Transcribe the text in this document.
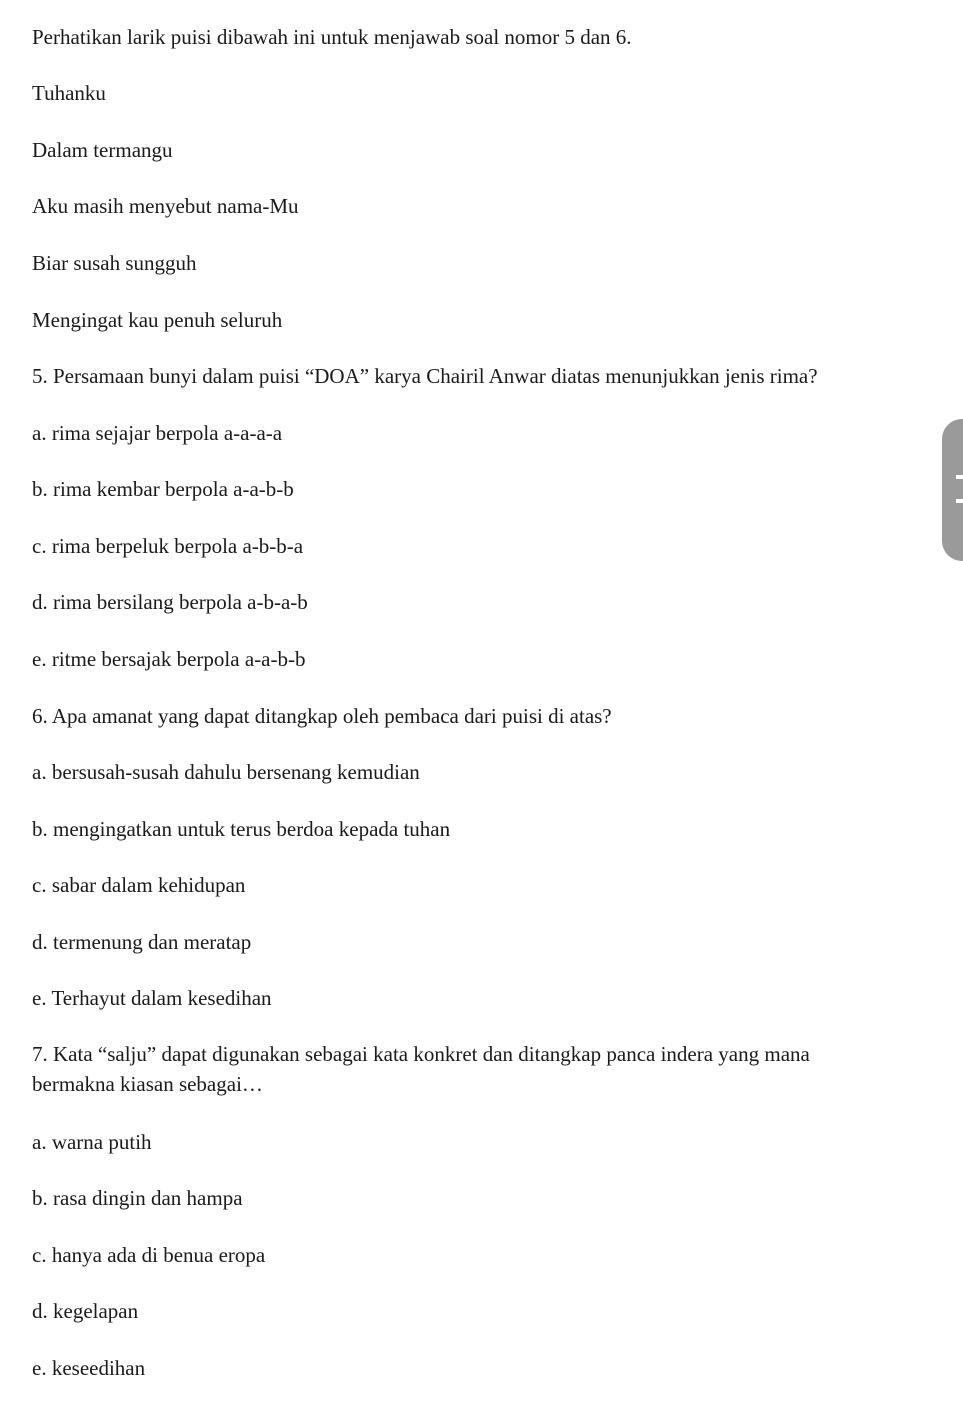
Perhatikan larik puisi dibawah ini untuk menjawab soal nomor 5 dan 6.
Tuhanku
Dalam termangu
Aku masih menyebut nama-Mu
Biar susah sungguh
Mengingat kau penuh seluruh
5. Persamaan bunyi dalam puisi “DOA” karya Chairil Anwar diatas menunjukkan jenis rima?
a. rima sejajar berpola a-a-a-a
b. rima kembar berpola a-a-b-b
c. rima berpeluk berpola a-b-b-a
d. rima bersilang berpola a-b-a-b
e. ritme bersajak berpola a-a-b-b
6. Apa amanat yang dapat ditangkap oleh pembaca dari puisi di atas?
a. bersusah-susah dahulu bersenang kemudian
b. mengingatkan untuk terus berdoa kepada tuhan
c. sabar dalam kehidupan
d. termenung dan meratap
e. Terhayut dalam kesedihan
7. Kata “salju” dapat digunakan sebagai kata konkret dan ditangkap panca indera yang mana bermakna kiasan sebagai…
a. warna putih
b. rasa dingin dan hampa
c. hanya ada di benua eropa
d. kegelapan
e. keseedihan
